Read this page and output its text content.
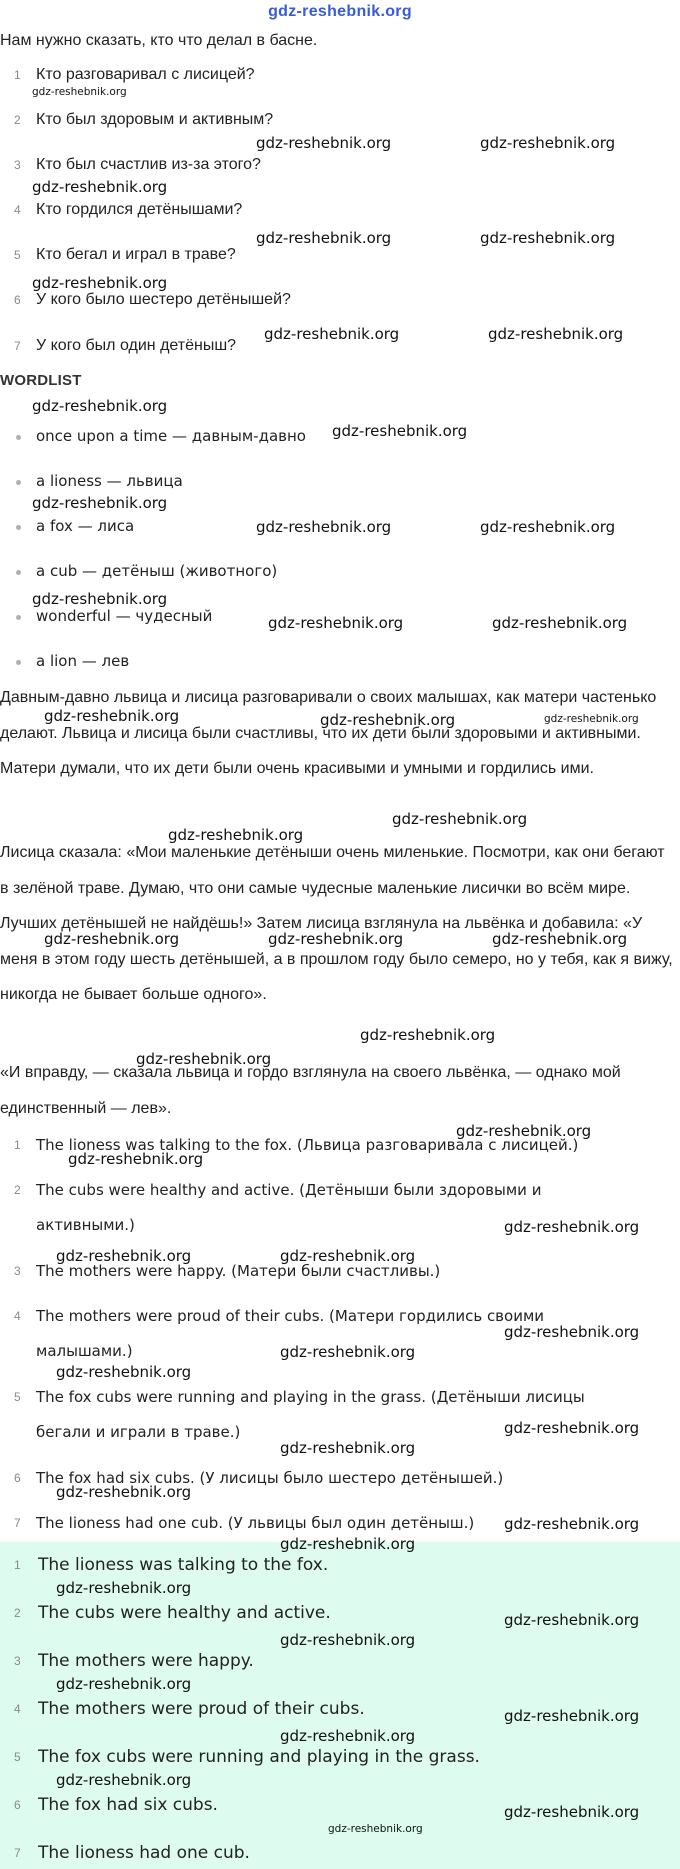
gdz-reshebnik.org
Нам нужно сказать, кто что делал в басне.
1 Кто разговаривал с лисицей?
2 Кто был здоровым и активным?
3 Кто был счастлив из-за этого?
4 Кто гордился детёнышами?
5 Кто бегал и играл в траве?
6 У кого было шестеро детёнышей?
7 У кого был один детёныш?
WORDLIST
once upon a time — давным-давно
a lioness — львица
a fox — лиса
a cub — детёныш (животного)
wonderful — чудесный
a lion — лев
Давным-давно львица и лисица разговаривали о своих малышах, как матери частенько делают. Львица и лисица были счастливы, что их дети были здоровыми и активными. Матери думали, что их дети были очень красивыми и умными и гордились ими.
Лисица сказала: «Мои маленькие детёныши очень миленькие. Посмотри, как они бегают в зелёной траве. Думаю, что они самые чудесные маленькие лисички во всём мире. Лучших детёнышей не найдёшь!» Затем лисица взглянула на львёнка и добавила: «У меня в этом году шесть детёнышей, а в прошлом году было семеро, но у тебя, как я вижу, никогда не бывает больше одного».
«И вправду, — сказала львица и гордо взглянула на своего львёнка, — однако мой единственный — лев».
1 The lioness was talking to the fox. (Львица разговаривала с лисицей.)
2 The cubs were healthy and active. (Детёныши были здоровыми и активными.)
3 The mothers were happy. (Матери были счастливы.)
4 The mothers were proud of their cubs. (Матери гордились своими малышами.)
5 The fox cubs were running and playing in the grass. (Детёныши лисицы бегали и играли в траве.)
6 The fox had six cubs. (У лисицы было шестеро детёнышей.)
7 The lioness had one cub. (У львицы был один детёныш.)
1 The lioness was talking to the fox.
2 The cubs were healthy and active.
3 The mothers were happy.
4 The mothers were proud of their cubs.
5 The fox cubs were running and playing in the grass.
6 The fox had six cubs.
7 The lioness had one cub.
gdz-reshebnik.org
gdz-reshebnik.org	gdz-reshebnik.org
gdz-reshebnik.org
gdz-reshebnik.org	gdz-reshebnik.org
gdz-reshebnik.org
gdz-reshebnik.org	gdz-reshebnik.org
gdz-reshebnik.org
gdz-reshebnik.org
gdz-reshebnik.org
gdz-reshebnik.org	gdz-reshebnik.org
gdz-reshebnik.org
gdz-reshebnik.org	gdz-reshebnik.org
gdz-reshebnik.org	gdz-reshebnik.org	gdz-reshebnik.org
gdz-reshebnik.org
gdz-reshebnik.org
gdz-reshebnik.org	gdz-reshebnik.org	gdz-reshebnik.org
gdz-reshebnik.org
gdz-reshebnik.org
gdz-reshebnik.org
gdz-reshebnik.org
gdz-reshebnik.org
gdz-reshebnik.org	gdz-reshebnik.org
gdz-reshebnik.org
gdz-reshebnik.org
gdz-reshebnik.org
gdz-reshebnik.org
gdz-reshebnik.org
gdz-reshebnik.org
gdz-reshebnik.org
gdz-reshebnik.org
gdz-reshebnik.org
gdz-reshebnik.org
gdz-reshebnik.org
gdz-reshebnik.org
gdz-reshebnik.org
gdz-reshebnik.org
gdz-reshebnik.org
gdz-reshebnik.org
gdz-reshebnik.org
